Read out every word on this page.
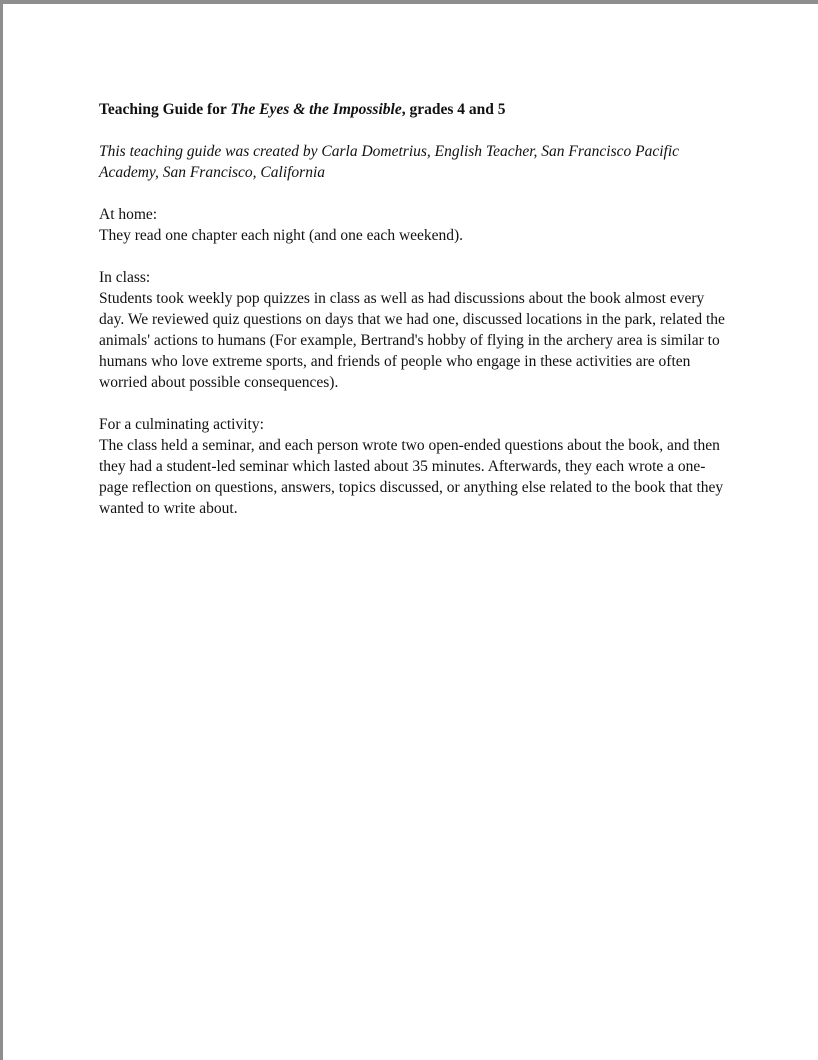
Teaching Guide for The Eyes & the Impossible, grades 4 and 5

This teaching guide was created by Carla Dometrius, English Teacher, San Francisco Pacific Academy, San Francisco, California

At home:

They read one chapter each night (and one each weekend).

In class:

Students took weekly pop quizzes in class as well as had discussions about the book almost every day. We reviewed quiz questions on days that we had one, discussed locations in the park, related the animals' actions to humans (For example, Bertrand's hobby of flying in the archery area is similar to humans who love extreme sports, and friends of people who engage in these activities are often worried about possible consequences).

For a culminating activity:

The class held a seminar, and each person wrote two open-ended questions about the book, and then they had a student-led seminar which lasted about 35 minutes. Afterwards, they each wrote a one-page reflection on questions, answers, topics discussed, or anything else related to the book that they wanted to write about.
